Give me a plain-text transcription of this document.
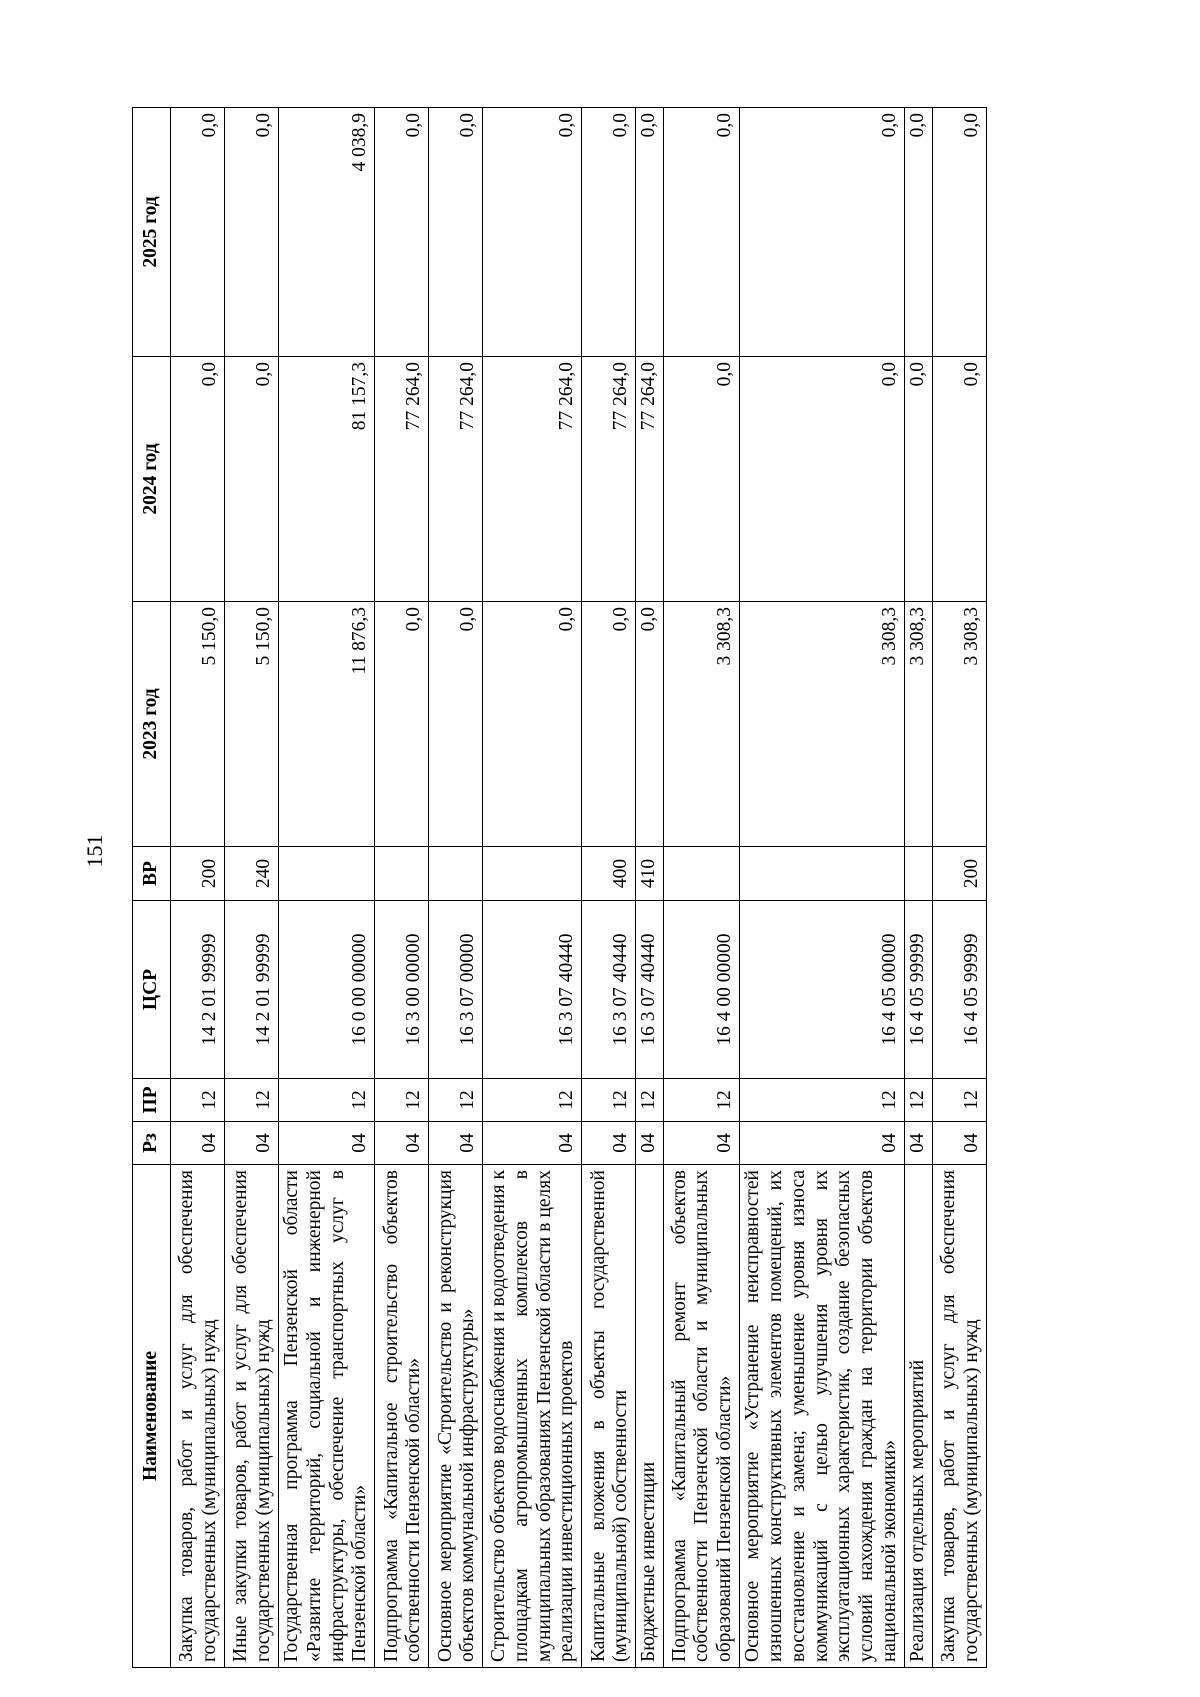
151
Наименование	Рз	ПР	ЦСР	ВР	2023 год	2024 год	2025 год
Закупка товаров, работ и услуг для обеспечения государственных (муниципальных) нужд	04	12	14 2 01 99999	200	5 150,0	0,0	0,0
Иные закупки товаров, работ и услуг для обеспечения государственных (муниципальных) нужд	04	12	14 2 01 99999	240	5 150,0	0,0	0,0
Государственная программа Пензенской области «Развитие территорий, социальной и инженерной инфраструктуры, обеспечение транспортных услуг в Пензенской области»	04	12	16 0 00 00000		11 876,3	81 157,3	4 038,9
Подпрограмма «Капитальное строительство объектов собственности Пензенской области»	04	12	16 3 00 00000		0,0	77 264,0	0,0
Основное мероприятие «Строительство и реконструкция объектов коммунальной инфраструктуры»	04	12	16 3 07 00000		0,0	77 264,0	0,0
Строительство объектов водоснабжения и водоотведения к площадкам агропромышленных комплексов в муниципальных образованиях Пензенской области в целях реализации инвестиционных проектов	04	12	16 3 07 40440		0,0	77 264,0	0,0
Капитальные вложения в объекты государственной (муниципальной) собственности	04	12	16 3 07 40440	400	0,0	77 264,0	0,0
Бюджетные инвестиции	04	12	16 3 07 40440	410	0,0	77 264,0	0,0
Подпрограмма «Капитальный ремонт объектов собственности Пензенской области и муниципальных образований Пензенской области»	04	12	16 4 00 00000		3 308,3	0,0	0,0
Основное мероприятие «Устранение неисправностей изношенных конструктивных элементов помещений, их восстановление и замена; уменьшение уровня износа коммуникаций с целью улучшения уровня их эксплуатационных характеристик, создание безопасных условий нахождения граждан на территории объектов национальной экономики»	04	12	16 4 05 00000		3 308,3	0,0	0,0
Реализация отдельных мероприятий	04	12	16 4 05 99999		3 308,3	0,0	0,0
Закупка товаров, работ и услуг для обеспечения государственных (муниципальных) нужд	04	12	16 4 05 99999	200	3 308,3	0,0	0,0
